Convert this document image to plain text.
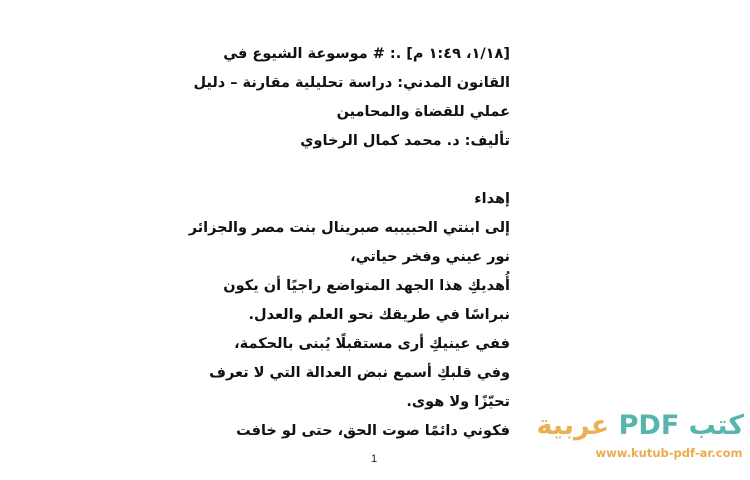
[١/١٨، ١:٤٩ م] .: # موسوعة الشيوع في
القانون المدني: دراسة تحليلية مقارنة – دليل
عملي للقضاة والمحامين
تأليف: د. محمد كمال الرخاوي
إهداء
إلى ابنتي الحبيببه صبرينال بنت مصر والجزائر
نور عيني وفخر حياتي،
أُهديكِ هذا الجهد المتواضع راجيًا أن يكون
نبراسًا في طريقك نحو العلم والعدل.
ففي عينيكِ أرى مستقبلًا يُبنى بالحكمة،
وفي قلبكِ أسمع نبض العدالة التي لا تعرف
تحيّزًا ولا هوى.
فكوني دائمًا صوت الحق، حتى لو خافت
1
كتب PDF عربية
www.kutub-pdf-ar.com
